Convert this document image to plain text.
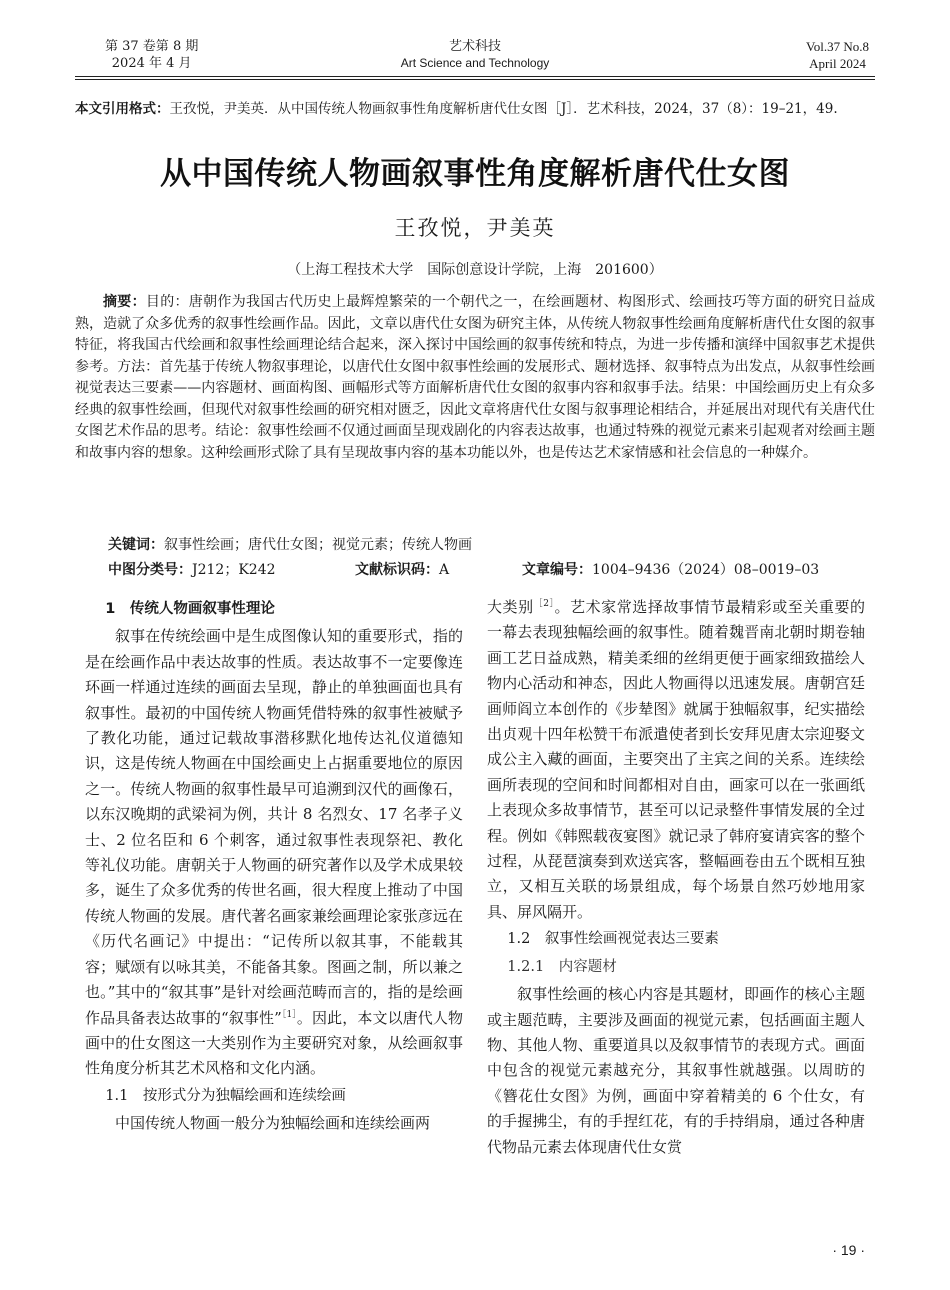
第 37 卷第 8 期
2024 年 4 月
艺术科技
Art Science and Technology
Vol.37 No.8
April 2024
本文引用格式：王孜悦，尹美英．从中国传统人物画叙事性角度解析唐代仕女图［J］．艺术科技，2024，37（8）：19–21，49.
从中国传统人物画叙事性角度解析唐代仕女图
王孜悦，尹美英
（上海工程技术大学　国际创意设计学院，上海　201600）
摘要：目的：唐朝作为我国古代历史上最辉煌繁荣的一个朝代之一，在绘画题材、构图形式、绘画技巧等方面的研究日益成熟，造就了众多优秀的叙事性绘画作品。因此，文章以唐代仕女图为研究主体，从传统人物叙事性绘画角度解析唐代仕女图的叙事特征，将我国古代绘画和叙事性绘画理论结合起来，深入探讨中国绘画的叙事传统和特点，为进一步传播和演绎中国叙事艺术提供参考。方法：首先基于传统人物叙事理论，以唐代仕女图中叙事性绘画的发展形式、题材选择、叙事特点为出发点，从叙事性绘画视觉表达三要素——内容题材、画面构图、画幅形式等方面解析唐代仕女图的叙事内容和叙事手法。结果：中国绘画历史上有众多经典的叙事性绘画，但现代对叙事性绘画的研究相对匮乏，因此文章将唐代仕女图与叙事理论相结合，并延展出对现代有关唐代仕女图艺术作品的思考。结论：叙事性绘画不仅通过画面呈现戏剧化的内容表达故事，也通过特殊的视觉元素来引起观者对绘画主题和故事内容的想象。这种绘画形式除了具有呈现故事内容的基本功能以外，也是传达艺术家情感和社会信息的一种媒介。
关键词：叙事性绘画；唐代仕女图；视觉元素；传统人物画
中图分类号：J212；K242	文献标识码：A	文章编号：1004–9436（2024）08–0019–03
1　传统人物画叙事性理论

叙事在传统绘画中是生成图像认知的重要形式，指的是在绘画作品中表达故事的性质。表达故事不一定要像连环画一样通过连续的画面去呈现，静止的单独画面也具有叙事性。最初的中国传统人物画凭借特殊的叙事性被赋予了教化功能，通过记载故事潜移默化地传达礼仪道德知识，这是传统人物画在中国绘画史上占据重要地位的原因之一。传统人物画的叙事性最早可追溯到汉代的画像石，以东汉晚期的武梁祠为例，共计 8 名烈女、17 名孝子义士、2 位名臣和 6 个刺客，通过叙事性表现祭祀、教化等礼仪功能。唐朝关于人物画的研究著作以及学术成果较多，诞生了众多优秀的传世名画，很大程度上推动了中国传统人物画的发展。唐代著名画家兼绘画理论家张彦远在《历代名画记》中提出：“记传所以叙其事，不能载其容；赋颂有以咏其美，不能备其象。图画之制，所以兼之也。”其中的“叙其事”是针对绘画范畴而言的，指的是绘画作品具备表达故事的“叙事性”$^{[1]}$。因此，本文以唐代人物画中的仕女图这一大类别作为主要研究对象，从绘画叙事性角度分析其艺术风格和文化内涵。

1.1　按形式分为独幅绘画和连续绘画

中国传统人物画一般分为独幅绘画和连续绘画两

大类别$^{[2]}$。艺术家常选择故事情节最精彩或至关重要的一幕去表现独幅绘画的叙事性。随着魏晋南北朝时期卷轴画工艺日益成熟，精美柔细的丝绢更便于画家细致描绘人物内心活动和神态，因此人物画得以迅速发展。唐朝宫廷画师阎立本创作的《步辇图》就属于独幅叙事，纪实描绘出贞观十四年松赞干布派遣使者到长安拜见唐太宗迎娶文成公主入藏的画面，主要突出了主宾之间的关系。连续绘画所表现的空间和时间都相对自由，画家可以在一张画纸上表现众多故事情节，甚至可以记录整件事情发展的全过程。例如《韩熙载夜宴图》就记录了韩府宴请宾客的整个过程，从琵琶演奏到欢送宾客，整幅画卷由五个既相互独立，又相互关联的场景组成，每个场景自然巧妙地用家具、屏风隔开。

1.2　叙事性绘画视觉表达三要素
1.2.1　内容题材

叙事性绘画的核心内容是其题材，即画作的核心主题或主题范畴，主要涉及画面的视觉元素，包括画面主题人物、其他人物、重要道具以及叙事情节的表现方式。画面中包含的视觉元素越充分，其叙事性就越强。以周昉的《簪花仕女图》为例，画面中穿着精美的 6 个仕女，有的手握拂尘，有的手捏红花，有的手持绢扇，通过各种唐代物品元素去体现唐代仕女赏

· 19 ·
